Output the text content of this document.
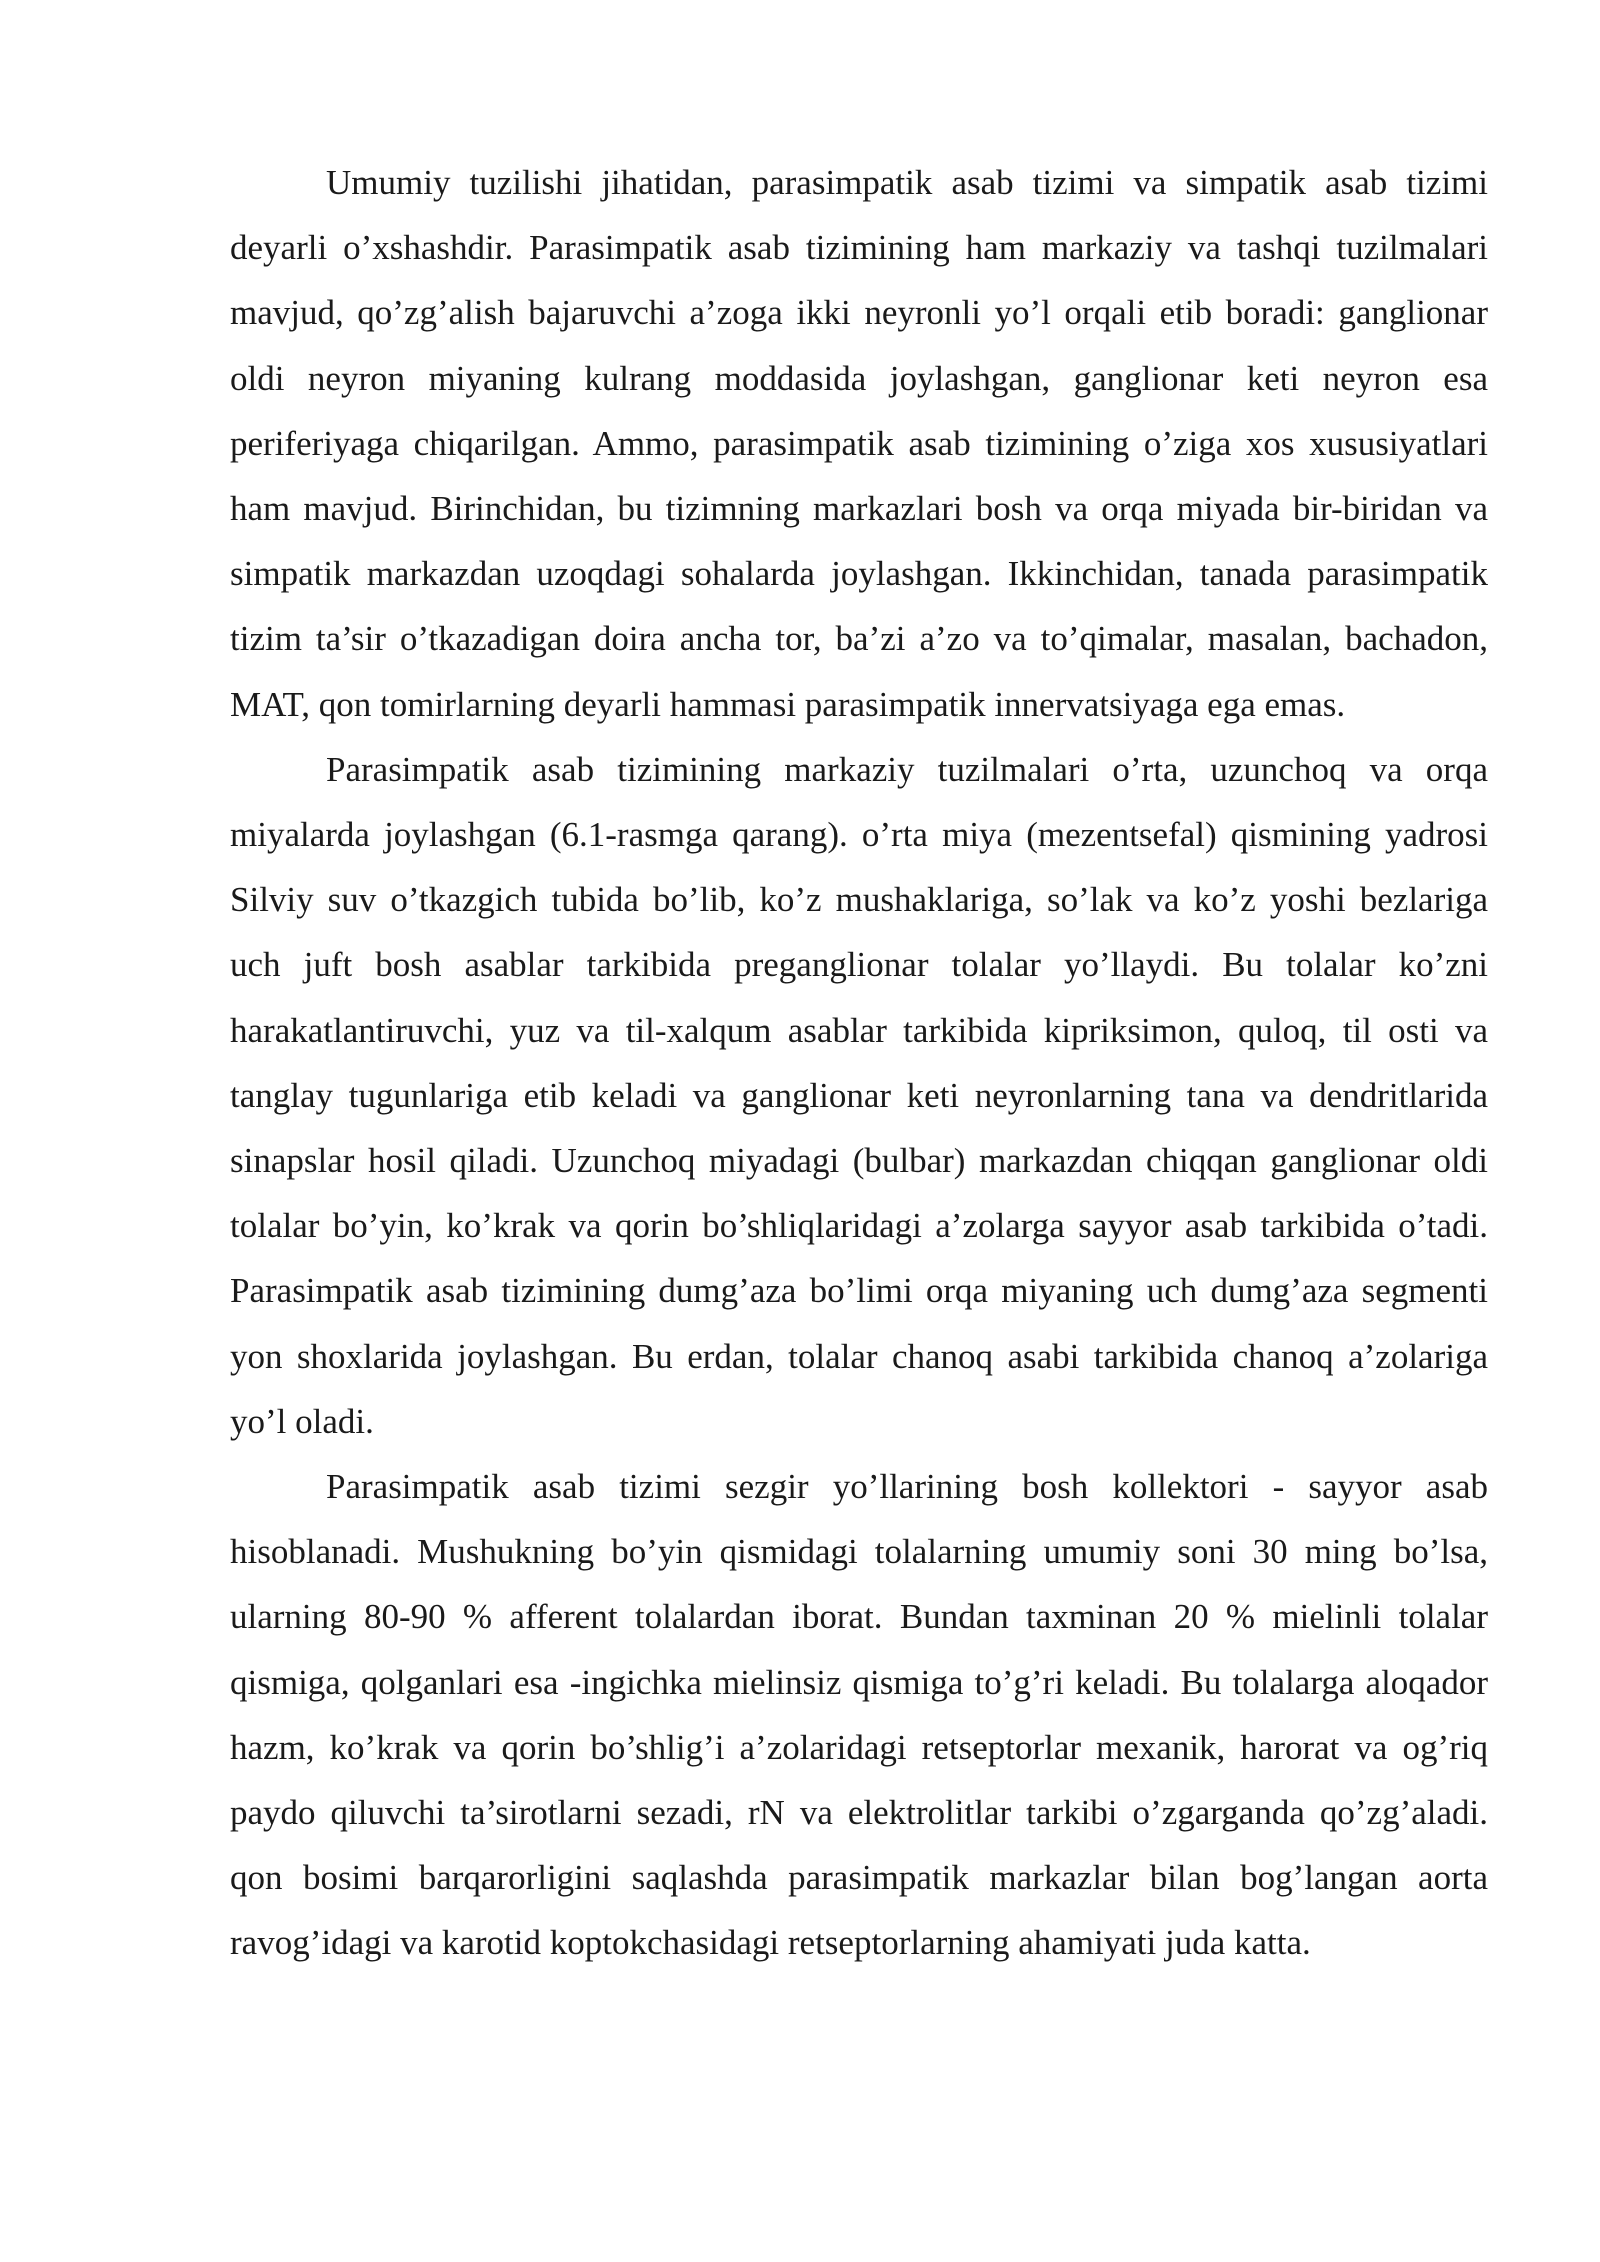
Umumiy tuzilishi jihatidan, parasimpatik asab tizimi va simpatik asab tizimi deyarli o’xshashdir. Parasimpatik asab tizimining ham markaziy va tashqi tuzilmalari mavjud, qo’zg’alish bajaruvchi a’zoga ikki neyronli yo’l orqali etib boradi: ganglionar oldi neyron miyaning kulrang moddasida joylashgan, ganglionar keti neyron esa periferiyaga chiqarilgan. Ammo, parasimpatik asab tizimining o’ziga xos xususiyatlari ham mavjud. Birinchidan, bu tizimning markazlari bosh va orqa miyada bir-biridan va simpatik markazdan uzoqdagi sohalarda joylashgan. Ikkinchidan, tanada parasimpatik tizim ta’sir o’tkazadigan doira ancha tor, ba’zi a’zo va to’qimalar, masalan, bachadon, MAT, qon tomirlarning deyarli hammasi parasimpatik innervatsiyaga ega emas.

Parasimpatik asab tizimining markaziy tuzilmalari o’rta, uzunchoq va orqa miyalarda joylashgan (6.1-rasmga qarang). o’rta miya (mezentsefal) qismining yadrosi Silviy suv o’tkazgich tubida bo’lib, ko’z mushaklariga, so’lak va ko’z yoshi bezlariga uch juft bosh asablar tarkibida preganglionar tolalar yo’llaydi. Bu tolalar ko’zni harakatlantiruvchi, yuz va til-xalqum asablar tarkibida kipriksimon, quloq, til osti va tanglay tugunlariga etib keladi va ganglionar keti neyronlarning tana va dendritlarida sinapslar hosil qiladi. Uzunchoq miyadagi (bulbar) markazdan chiqqan ganglionar oldi tolalar bo’yin, ko’krak va qorin bo’shliqlaridagi a’zolarga sayyor asab tarkibida o’tadi. Parasimpatik asab tizimining dumg’aza bo’limi orqa miyaning uch dumg’aza segmenti yon shoxlarida joylashgan. Bu erdan, tolalar chanoq asabi tarkibida chanoq a’zolariga yo’l oladi.

Parasimpatik asab tizimi sezgir yo’llarining bosh kollektori - sayyor asab hisoblanadi. Mushukning bo’yin qismidagi tolalarning umumiy soni 30 ming bo’lsa, ularning 80-90 % afferent tolalardan iborat. Bundan taxminan 20 % mielinli tolalar qismiga, qolganlari esa -ingichka mielinsiz qismiga to’g’ri keladi. Bu tolalarga aloqador hazm, ko’krak va qorin bo’shlig’i a’zolaridagi retseptorlar mexanik, harorat va og’riq paydo qiluvchi ta’sirotlarni sezadi, rN va elektrolitlar tarkibi o’zgarganda qo’zg’aladi. qon bosimi barqarorligini saqlashda parasimpatik markazlar bilan bog’langan aorta ravog’idagi va karotid koptokchasidagi retseptorlarning ahamiyati juda katta.
